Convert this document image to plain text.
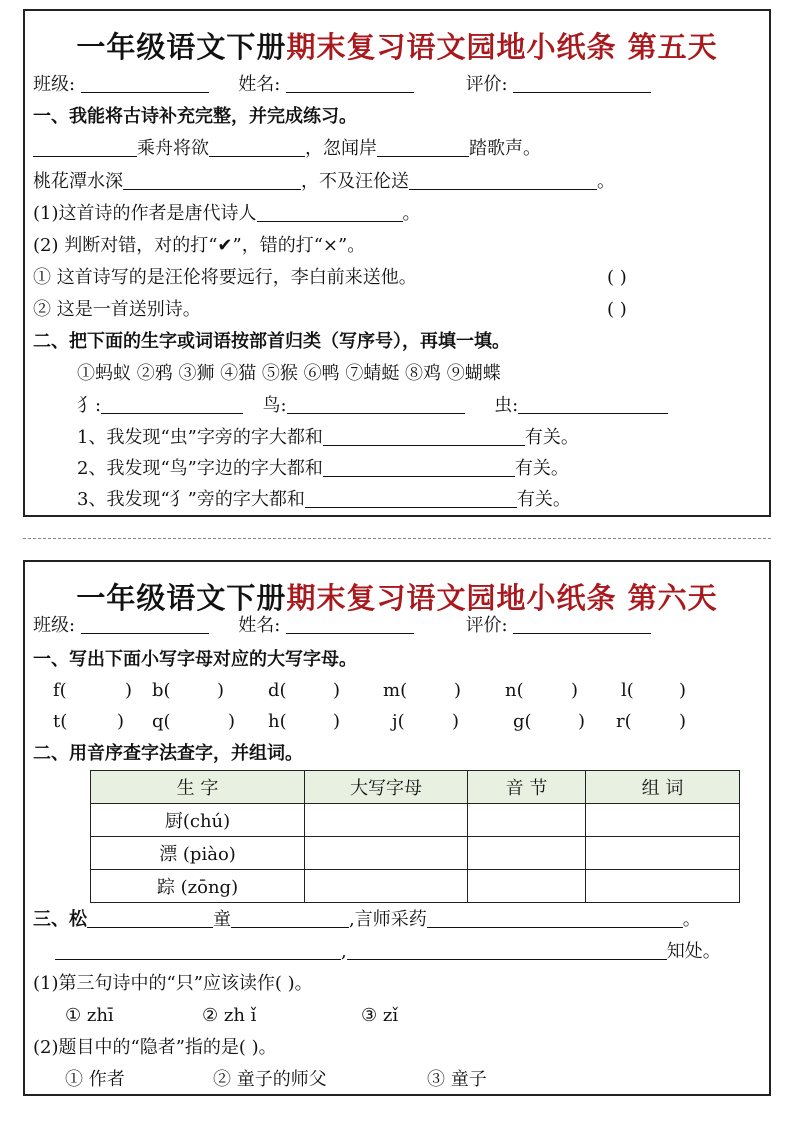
一年级语文下册期末复习语文园地小纸条 第五天
班级:	姓名:	评价:
一、我能将古诗补充完整，并完成练习。
乘舟将欲	，忽闻岸	踏歌声。
桃花潭水深	，不及汪伦送	。
(1)这首诗的作者是唐代诗人	。
(2) 判断对错，对的打“✔”，错的打“×”。
① 这首诗写的是汪伦将要远行，李白前来送他。	( )
② 这是一首送别诗。	( )
二、把下面的生字或词语按部首归类（写序号），再填一填。
①蚂蚁 ②鸦 ③狮 ④猫 ⑤猴 ⑥鸭 ⑦蜻蜓 ⑧鸡 ⑨蝴蝶
犭:	鸟:	虫:
1、我发现“虫”字旁的字大都和	有关。
2、我发现“鸟”字边的字大都和	有关。
3、我发现“犭”旁的字大都和	有关。
一年级语文下册期末复习语文园地小纸条 第六天
班级:	姓名:	评价:
一、写出下面小写字母对应的大写字母。
f(	) b(	) d(	) m(	) n(	) l(	)
t(	) q(	) h(	)	j(	)	g(	) r(	)
二、用音序查字法查字，并组词。
生 字	大写字母	音 节	组 词
厨(chú)			
漂 (piào)			
踪 (zōng)			
三、松	童	,言师采药	。
,	知处。
(1)第三句诗中的“只”应该读作( )。
① zhī	② zh ǐ	③ zǐ
(2)题目中的“隐者”指的是( )。
① 作者	② 童子的师父	③ 童子
